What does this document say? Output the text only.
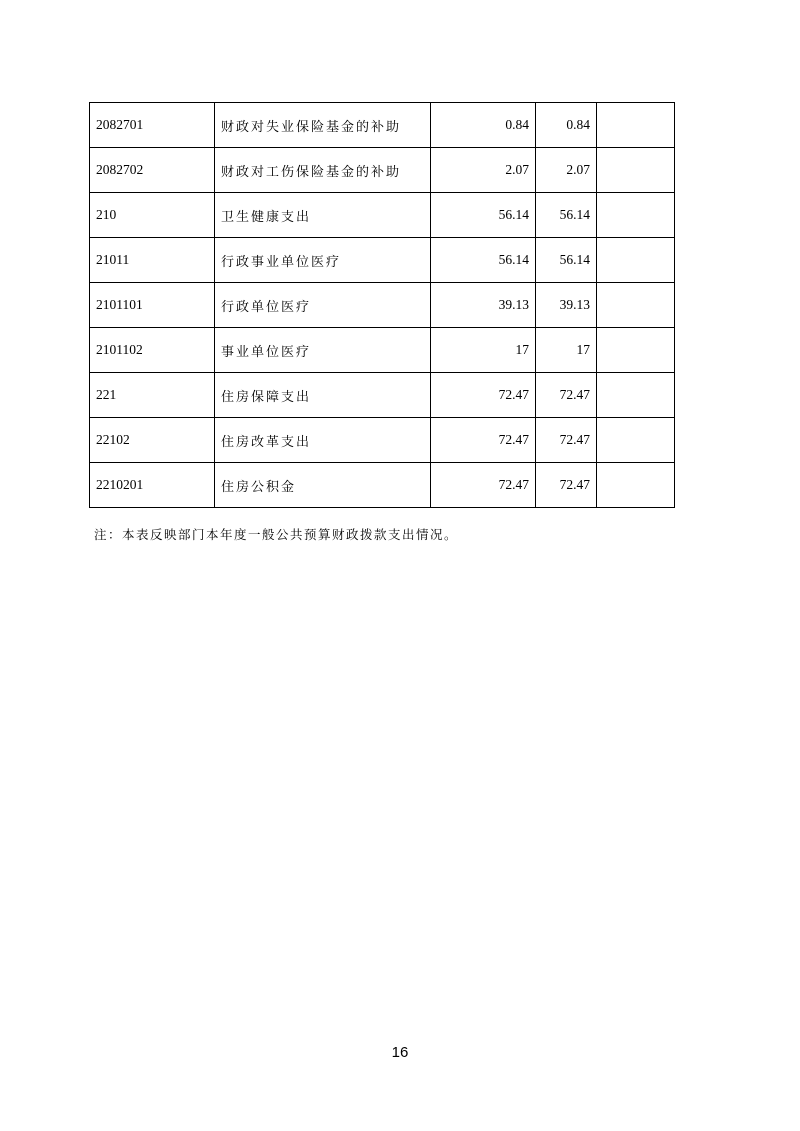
2082701	财政对失业保险基金的补助	0.84	0.84	
2082702	财政对工伤保险基金的补助	2.07	2.07	
210	卫生健康支出	56.14	56.14	
21011	行政事业单位医疗	56.14	56.14	
2101101	行政单位医疗	39.13	39.13	
2101102	事业单位医疗	17	17	
221	住房保障支出	72.47	72.47	
22102	住房改革支出	72.47	72.47	
2210201	住房公积金	72.47	72.47	
注：本表反映部门本年度一般公共预算财政拨款支出情况。
16
